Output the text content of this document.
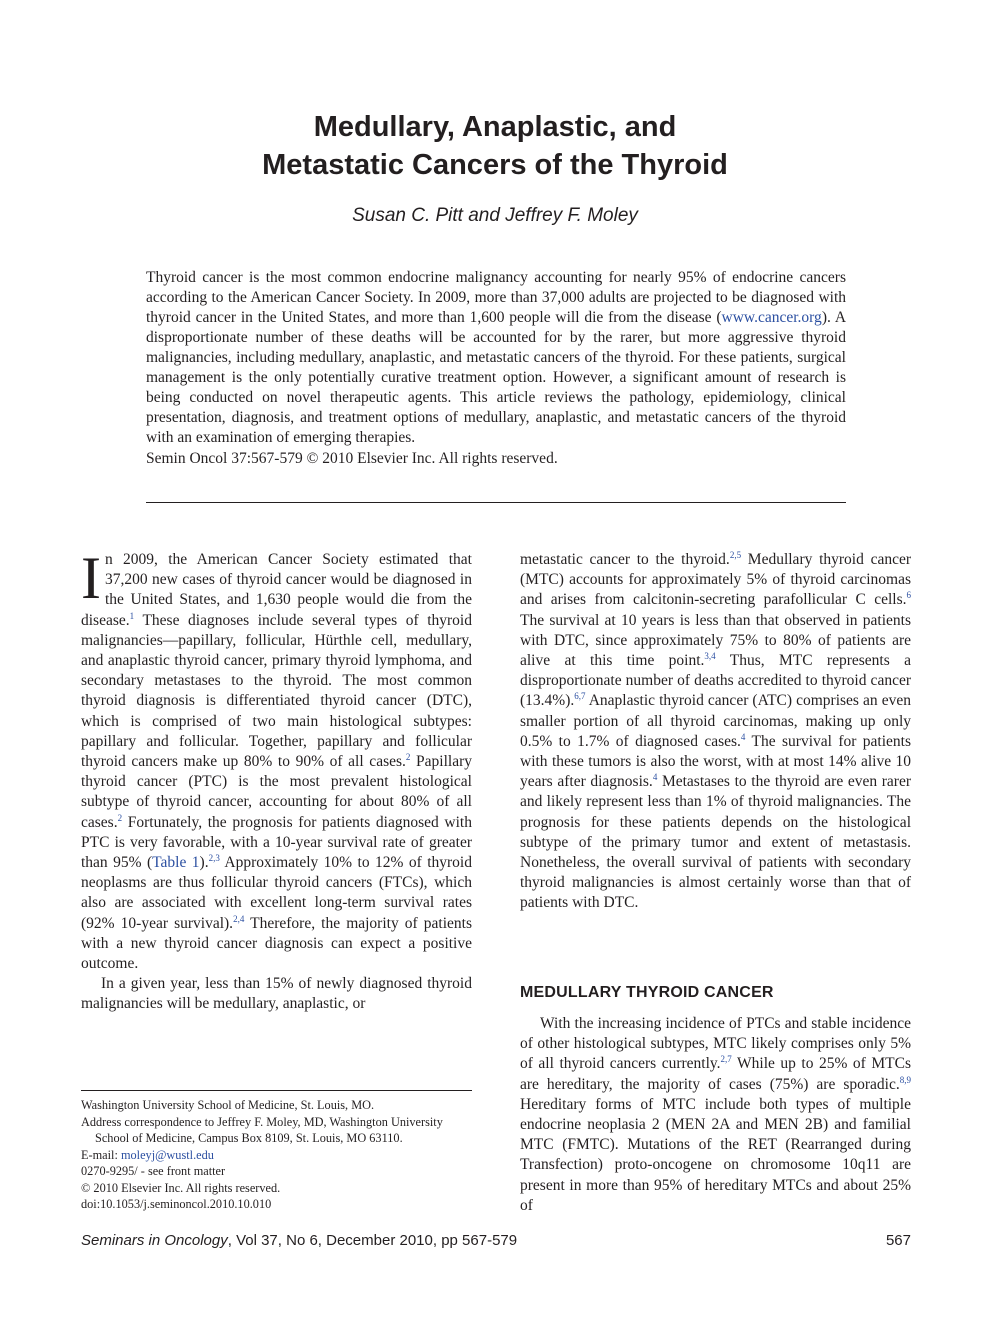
Medullary, Anaplastic, and
Metastatic Cancers of the Thyroid
Susan C. Pitt and Jeffrey F. Moley

Thyroid cancer is the most common endocrine malignancy accounting for nearly 95% of endocrine cancers according to the American Cancer Society. In 2009, more than 37,000 adults are projected to be diagnosed with thyroid cancer in the United States, and more than 1,600 people will die from the disease (www.cancer.org). A disproportionate number of these deaths will be accounted for by the rarer, but more aggressive thyroid malignancies, including medullary, anaplastic, and metastatic cancers of the thyroid. For these patients, surgical management is the only potentially curative treatment option. However, a significant amount of research is being conducted on novel therapeutic agents. This article reviews the pathology, epidemiology, clinical presentation, diagnosis, and treatment options of medullary, anaplastic, and metastatic cancers of the thyroid with an examination of emerging therapies.

Semin Oncol 37:567-579 © 2010 Elsevier Inc. All rights reserved.

In 2009, the American Cancer Society estimated that 37,200 new cases of thyroid cancer would be diagnosed in the United States, and 1,630 people would die from the disease.$^1$ These diagnoses include several types of thyroid malignancies—papillary, follicular, Hürthle cell, medullary, and anaplastic thyroid cancer, primary thyroid lymphoma, and secondary metastases to the thyroid. The most common thyroid diagnosis is differentiated thyroid cancer (DTC), which is comprised of two main histological subtypes: papillary and follicular. Together, papillary and follicular thyroid cancers make up 80% to 90% of all cases.$^2$ Papillary thyroid cancer (PTC) is the most prevalent histological subtype of thyroid cancer, accounting for about 80% of all cases.$^2$ Fortunately, the prognosis for patients diagnosed with PTC is very favorable, with a 10-year survival rate of greater than 95% (Table 1).$^{2,3}$ Approximately 10% to 12% of thyroid neoplasms are thus follicular thyroid cancers (FTCs), which also are associated with excellent long-term survival rates (92% 10-year survival).$^{2,4}$ Therefore, the majority of patients with a new thyroid cancer diagnosis can expect a positive outcome.

In a given year, less than 15% of newly diagnosed thyroid malignancies will be medullary, anaplastic, or

metastatic cancer to the thyroid.$^{2,5}$ Medullary thyroid cancer (MTC) accounts for approximately 5% of thyroid carcinomas and arises from calcitonin-secreting parafollicular C cells.$^6$ The survival at 10 years is less than that observed in patients with DTC, since approximately 75% to 80% of patients are alive at this time point.$^{3,4}$ Thus, MTC represents a disproportionate number of deaths accredited to thyroid cancer (13.4%).$^{6,7}$ Anaplastic thyroid cancer (ATC) comprises an even smaller portion of all thyroid carcinomas, making up only 0.5% to 1.7% of diagnosed cases.$^4$ The survival for patients with these tumors is also the worst, with at most 14% alive 10 years after diagnosis.$^4$ Metastases to the thyroid are even rarer and likely represent less than 1% of thyroid malignancies. The prognosis for these patients depends on the histological subtype of the primary tumor and extent of metastasis. Nonetheless, the overall survival of patients with secondary thyroid malignancies is almost certainly worse than that of patients with DTC.

MEDULLARY THYROID CANCER

With the increasing incidence of PTCs and stable incidence of other histological subtypes, MTC likely comprises only 5% of all thyroid cancers currently.$^{2,7}$ While up to 25% of MTCs are hereditary, the majority of cases (75%) are sporadic.$^{8,9}$ Hereditary forms of MTC include both types of multiple endocrine neoplasia 2 (MEN 2A and MEN 2B) and familial MTC (FMTC). Mutations of the RET (Rearranged during Transfection) proto-oncogene on chromosome 10q11 are present in more than 95% of hereditary MTCs and about 25% of

Washington University School of Medicine, St. Louis, MO.
Address correspondence to Jeffrey F. Moley, MD, Washington University School of Medicine, Campus Box 8109, St. Louis, MO 63110.
E-mail: moleyj@wustl.edu
0270-9295/ - see front matter
© 2010 Elsevier Inc. All rights reserved.
doi:10.1053/j.seminoncol.2010.10.010
Seminars in Oncology, Vol 37, No 6, December 2010, pp 567-579	567
